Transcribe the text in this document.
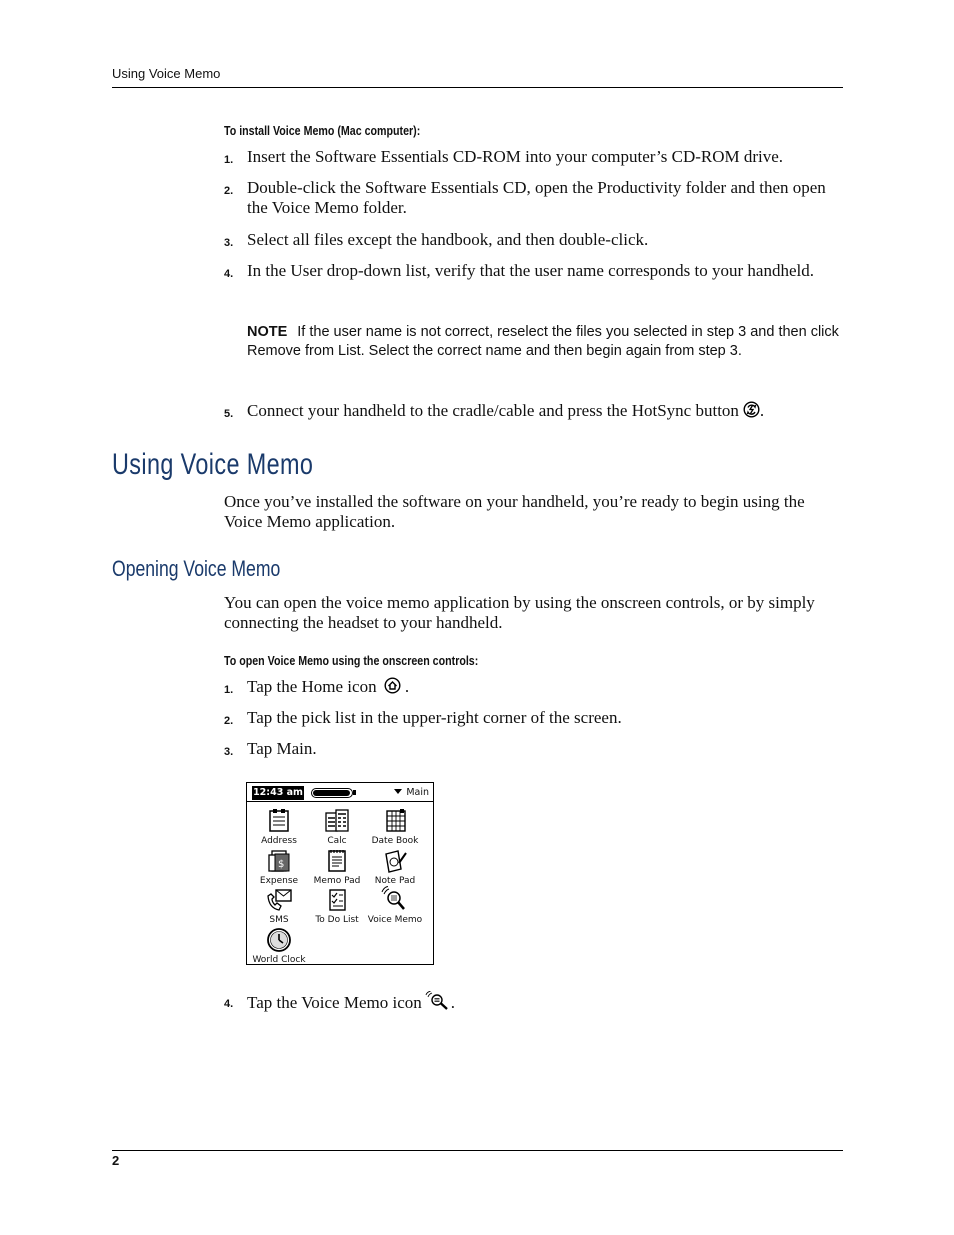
Using Voice Memo
To install Voice Memo (Mac computer):
1. Insert the Software Essentials CD-ROM into your computer’s CD-ROM drive.
2. Double-click the Software Essentials CD, open the Productivity folder and then open the Voice Memo folder.
3. Select all files except the handbook, and then double-click.
4. In the User drop-down list, verify that the user name corresponds to your handheld.
NOTE If the user name is not correct, reselect the files you selected in step 3 and then click Remove from List. Select the correct name and then begin again from step 3.
5. Connect your handheld to the cradle/cable and press the HotSync button .
Using Voice Memo
Once you’ve installed the software on your handheld, you’re ready to begin using the Voice Memo application.
Opening Voice Memo
You can open the voice memo application by using the onscreen controls, or by simply connecting the headset to your handheld.
To open Voice Memo using the onscreen controls:
1. Tap the Home icon .
2. Tap the pick list in the upper-right corner of the screen.
3. Tap Main.
12:43 am	Main
Address	Calc	Date Book
$
Expense	Memo Pad	Note Pad
SMS	To Do List	Voice Memo
World Clock
4. Tap the Voice Memo icon .
2
